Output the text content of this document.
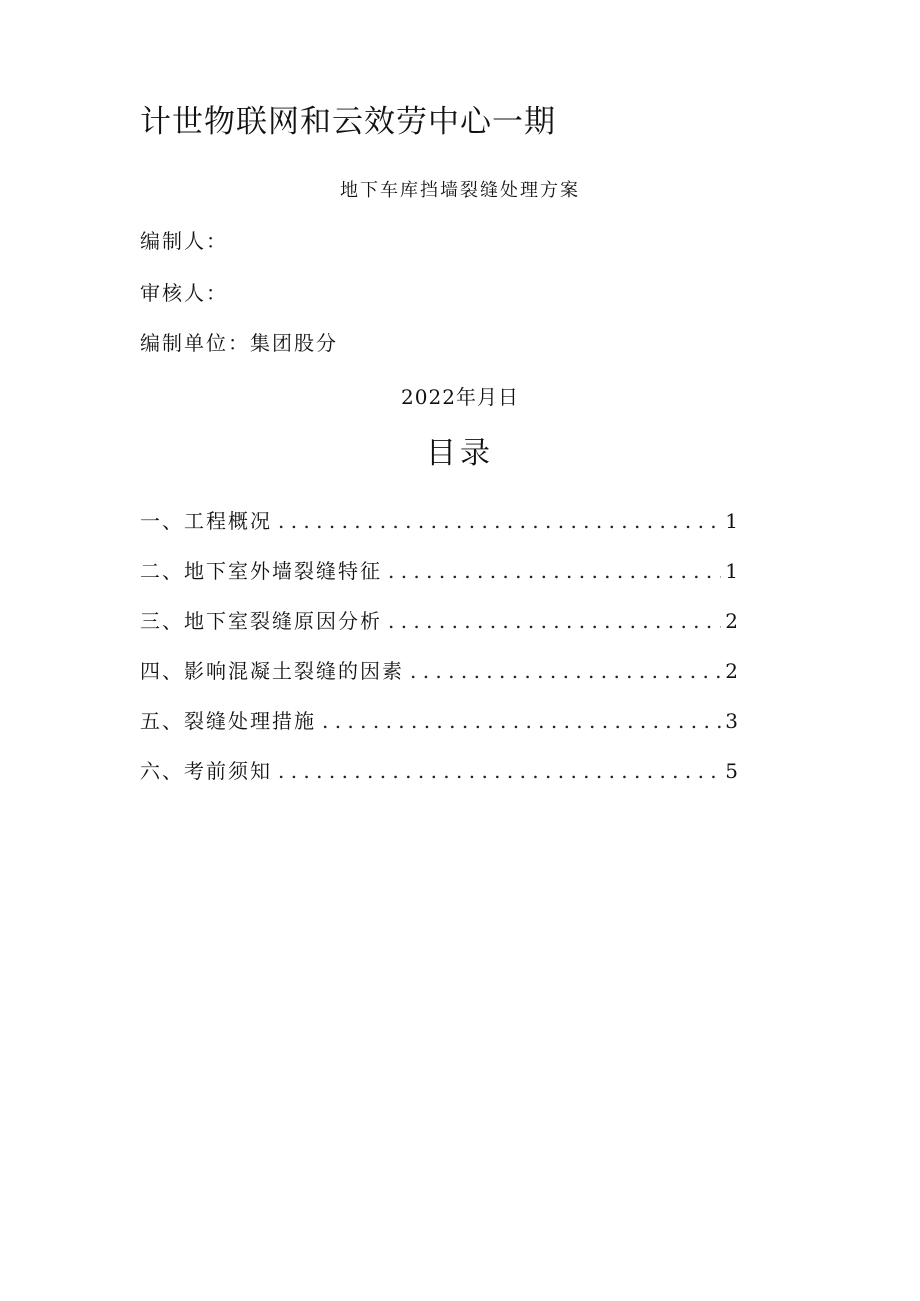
计世物联网和云效劳中心一期
地下车库挡墙裂缝处理方案
编制人：
审核人：
编制单位：集团股分
2022年月日
目录
一、工程概况 . . .	1
二、地下室外墙裂缝特征 . . .	1
三、地下室裂缝原因分析 . . .	2
四、影响混凝土裂缝的因素 . . .	2
五、裂缝处理措施 . . .	3
六、考前须知 . . .	5
